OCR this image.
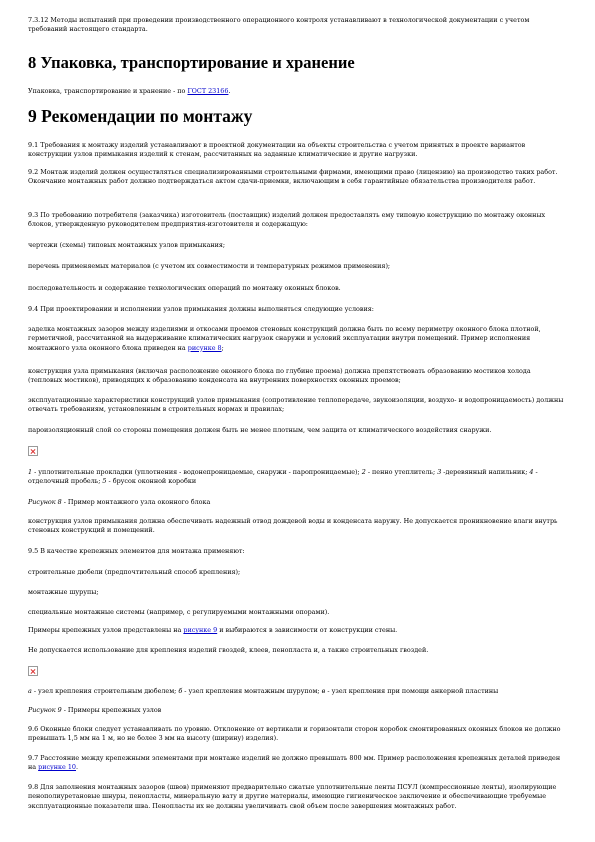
7.3.12 Методы испытаний при проведении производственного операционного контроля устанавливают в технологической документации с учетом требований настоящего стандарта.

8 Упаковка, транспортирование и хранение

Упаковка, транспортирование и хранение - по ГОСТ 23166.

9 Рекомендации по монтажу

9.1 Требования к монтажу изделий устанавливают в проектной документации на объекты строительства с учетом принятых в проекте вариантов конструкции узлов примыкания изделий к стенам, рассчитанных на заданные климатические и другие нагрузки.

9.2 Монтаж изделий должен осуществляться специализированными строительными фирмами, имеющими право (лицензию) на производство таких работ. Окончание монтажных работ должно подтверждаться актом сдачи-приемки, включающим в себя гарантийные обязательства производителя работ.

9.3 По требованию потребителя (заказчика) изготовитель (поставщик) изделий должен предоставлять ему типовую конструкцию по монтажу оконных блоков, утвержденную руководителем предприятия-изготовителя и содержащую:

чертежи (схемы) типовых монтажных узлов примыкания;

перечень применяемых материалов (с учетом их совместимости и температурных режимов применения);

последовательность и содержание технологических операций по монтажу оконных блоков.

9.4 При проектировании и исполнении узлов примыкания должны выполняться следующие условия:

заделка монтажных зазоров между изделиями и откосами проемов стеновых конструкций должна быть по всему периметру оконного блока плотной, герметичной, рассчитанной на выдерживание климатических нагрузок снаружи и условий эксплуатации внутри помещений. Пример исполнения монтажного узла оконного блока приведен на рисунке 8;

конструкция узла примыкания (включая расположение оконного блока по глубине проема) должна препятствовать образованию мостиков холода (тепловых мостиков), приводящих к образованию конденсата на внутренних поверхностях оконных проемов;

эксплуатационные характеристики конструкций узлов примыкания (сопротивление теплопередаче, звукоизоляции, воздухо- и водопроницаемость) должны отвечать требованиям, установленным в строительных нормах и правилах;

пароизоляционный слой со стороны помещения должен быть не менее плотным, чем защита от климатического воздействия снаружи.

1 - уплотнительные прокладки (уплотнения - водонепроницаемые, снаружи - паропроницаемые); 2 - пенно утеплитель; 3 -деревянный напильник; 4 - отделочный пробель; 5 - брусок оконной коробки

Рисунок 8 - Пример монтажного узла оконного блока

конструкция узлов примыкания должна обеспечивать надежный отвод дождевой воды и конденсата наружу. Не допускается проникновение влаги внутрь стеновых конструкций и помещений.

9.5 В качестве крепежных элементов для монтажа применяют:

строительные дюбели (предпочтительный способ крепления);

монтажные шурупы;

специальные монтажные системы (например, с регулируемыми монтажными опорами).

Примеры крепежных узлов представлены на рисунке 9 и выбираются в зависимости от конструкции стены.

Не допускается использование для крепления изделий гвоздей, клеев, пенопласта и, а также строительных гвоздей.

а - узел крепления строительным дюбелем; б - узел крепления монтажным шурупом; в - узел крепления при помощи анкерной пластины

Рисунок 9 - Примеры крепежных узлов

9.6 Оконные блоки следует устанавливать по уровню. Отклонение от вертикали и горизонтали сторон коробок смонтированных оконных блоков не должно превышать 1,5 мм на 1 м, но не более 3 мм на высоту (ширину) изделия).

9.7 Расстояние между крепежными элементами при монтаже изделий не должно превышать 800 мм. Пример расположения крепежных деталей приведен на рисунке 10.

9.8 Для заполнения монтажных зазоров (швов) применяют предварительно сжатые уплотнительные ленты ПСУЛ (компрессионные ленты), изолирующие пенополиуретановые шнуры, пенопласты, минеральную вату и другие материалы, имеющие гигиеническое заключение и обеспечивающие требуемые эксплуатационные показатели шва. Пенопласты их не должны увеличивать свой объем после завершения монтажных работ.
